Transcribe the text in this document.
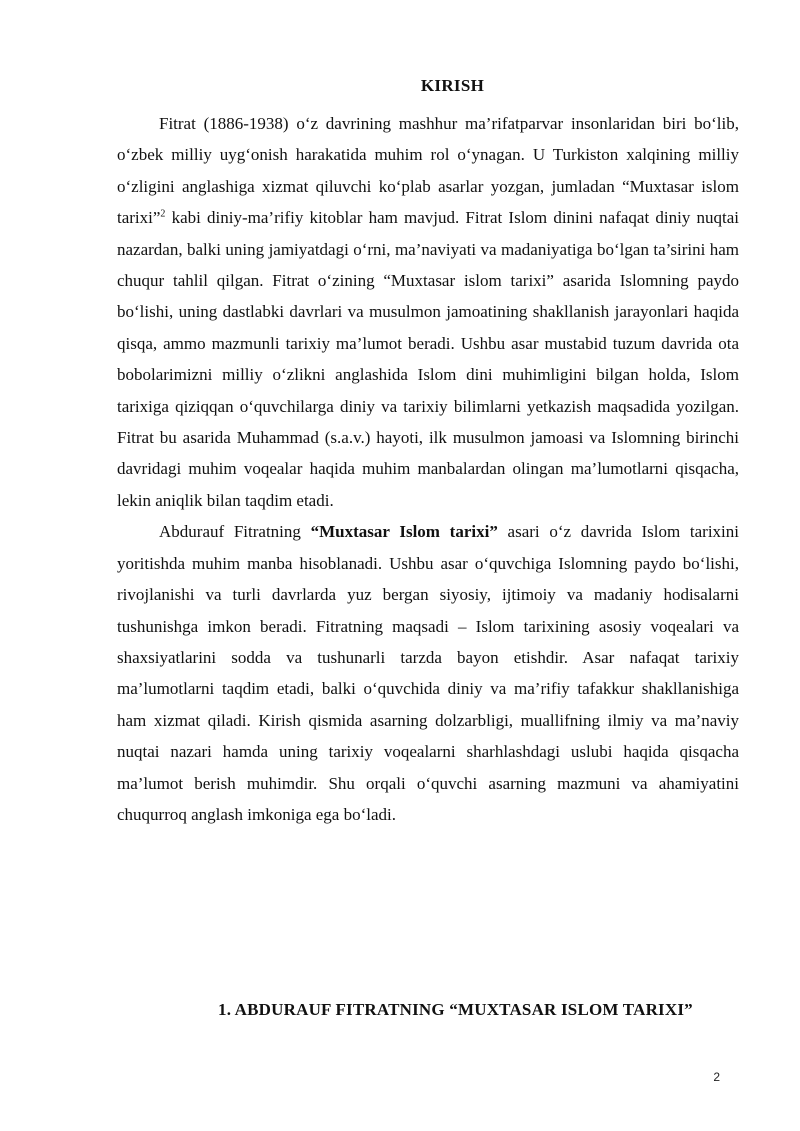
KIRISH

Fitrat (1886-1938) o‘z davrining mashhur ma’rifatparvar insonlaridan biri bo‘lib, o‘zbek milliy uyg‘onish harakatida muhim rol o‘ynagan. U Turkiston xalqining milliy o‘zligini anglashiga xizmat qiluvchi ko‘plab asarlar yozgan, jumladan “Muxtasar islom tarixi”$^2$ kabi diniy-ma’rifiy kitoblar ham mavjud. Fitrat Islom dinini nafaqat diniy nuqtai nazardan, balki uning jamiyatdagi o‘rni, ma’naviyati va madaniyatiga bo‘lgan ta’sirini ham chuqur tahlil qilgan. Fitrat o‘zining “Muxtasar islom tarixi” asarida Islomning paydo bo‘lishi, uning dastlabki davrlari va musulmon jamoatining shakllanish jarayonlari haqida qisqa, ammo mazmunli tarixiy ma’lumot beradi. Ushbu asar mustabid tuzum davrida ota bobolarimizni milliy o‘zlikni anglashida Islom dini muhimligini bilgan holda, Islom tarixiga qiziqqan o‘quvchilarga diniy va tarixiy bilimlarni yetkazish maqsadida yozilgan. Fitrat bu asarida Muhammad (s.a.v.) hayoti, ilk musulmon jamoasi va Islomning birinchi davridagi muhim voqealar haqida muhim manbalardan olingan ma’lumotlarni qisqacha, lekin aniqlik bilan taqdim etadi.

Abdurauf Fitratning “Muxtasar Islom tarixi” asari o‘z davrida Islom tarixini yoritishda muhim manba hisoblanadi. Ushbu asar o‘quvchiga Islomning paydo bo‘lishi, rivojlanishi va turli davrlarda yuz bergan siyosiy, ijtimoiy va madaniy hodisalarni tushunishga imkon beradi. Fitratning maqsadi – Islom tarixining asosiy voqealari va shaxsiyatlarini sodda va tushunarli tarzda bayon etishdir. Asar nafaqat tarixiy ma’lumotlarni taqdim etadi, balki o‘quvchida diniy va ma’rifiy tafakkur shakllanishiga ham xizmat qiladi. Kirish qismida asarning dolzarbligi, muallifning ilmiy va ma’naviy nuqtai nazari hamda uning tarixiy voqealarni sharhlashdagi uslubi haqida qisqacha ma’lumot berish muhimdir. Shu orqali o‘quvchi asarning mazmuni va ahamiyatini chuqurroq anglash imkoniga ega bo‘ladi.

1. ABDURAUF FITRATNING “MUXTASAR ISLOM TARIXI”
2
